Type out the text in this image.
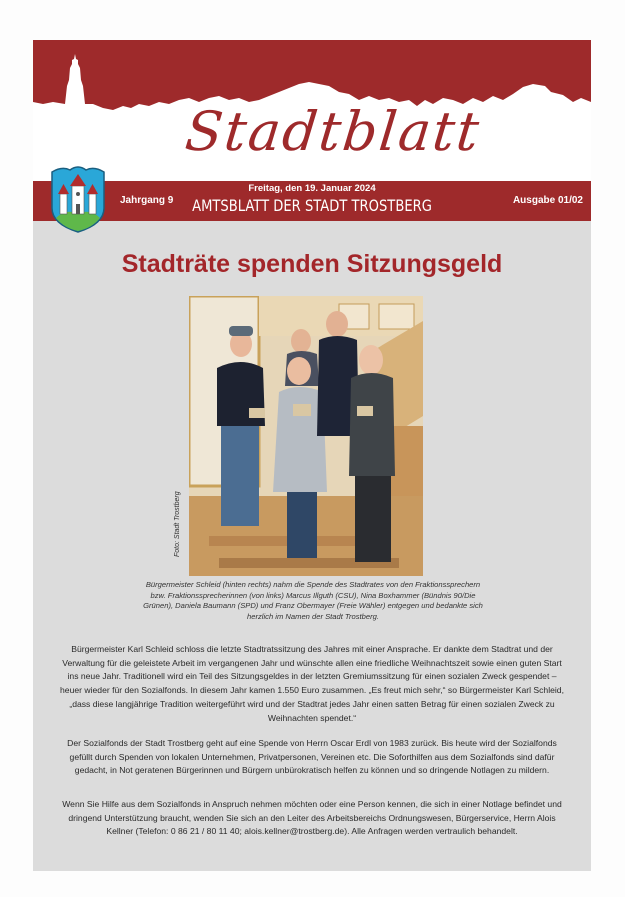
Stadtblatt
Jahrgang 9
Freitag, den 19. Januar 2024
AMTSBLATT DER STADT TROSTBERG	Ausgabe 01/02
Stadträte spenden Sitzungsgeld
Foto: Stadt Trostberg
Bürgermeister Schleid (hinten rechts) nahm die Spende des Stadtrates von den Fraktionssprechern bzw. Fraktionssprecherinnen (von links) Marcus Illguth (CSU), Nina Boxhammer (Bündnis 90/Die Grünen), Daniela Baumann (SPD) und Franz Obermayer (Freie Wähler) entgegen und bedankte sich herzlich im Namen der Stadt Trostberg.
Bürgermeister Karl Schleid schloss die letzte Stadtratssitzung des Jahres mit einer Ansprache. Er dankte dem Stadtrat und der Verwaltung für die geleistete Arbeit im vergangenen Jahr und wünschte allen eine friedliche Weihnachtszeit sowie einen guten Start ins neue Jahr. Traditionell wird ein Teil des Sitzungsgeldes in der letzten Gremiumssitzung für einen sozialen Zweck gespendet – heuer wieder für den Sozialfonds. In diesem Jahr kamen 1.550 Euro zusammen. „Es freut mich sehr,“ so Bürgermeister Karl Schleid, „dass diese langjährige Tradition weitergeführt wird und der Stadtrat jedes Jahr einen satten Betrag für einen sozialen Zweck zu Weihnachten spendet.“
Der Sozialfonds der Stadt Trostberg geht auf eine Spende von Herrn Oscar Erdl von 1983 zurück. Bis heute wird der Sozialfonds gefüllt durch Spenden von lokalen Unternehmen, Privatpersonen, Vereinen etc. Die Soforthilfen aus dem Sozialfonds sind dafür gedacht, in Not geratenen Bürgerinnen und Bürgern unbürokratisch helfen zu können und so dringende Notlagen zu mildern.
Wenn Sie Hilfe aus dem Sozialfonds in Anspruch nehmen möchten oder eine Person kennen, die sich in einer Notlage befindet und dringend Unterstützung braucht, wenden Sie sich an den Leiter des Arbeitsbereichs Ordnungswesen, Bürgerservice, Herrn Alois Kellner (Telefon: 0 86 21 / 80 11 40; alois.kellner@trostberg.de). Alle Anfragen werden vertraulich behandelt.
